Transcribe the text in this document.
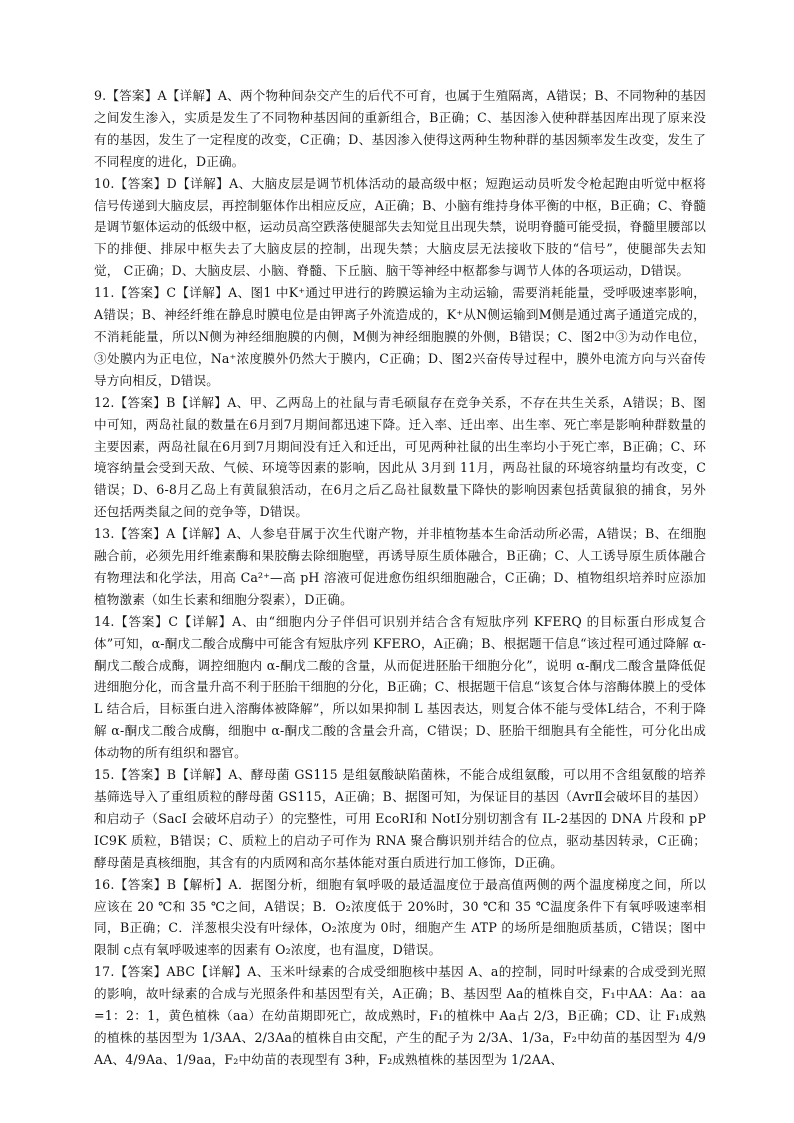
9.【答案】A【详解】A、两个物种间杂交产生的后代不可育，也属于生殖隔离，A错误；B、不同物种的基因之间发生渗入，实质是发生了不同物种基因间的重新组合，B正确；C、基因渗入使种群基因库出现了原来没有的基因，发生了一定程度的改变，C正确；D、基因渗入使得这两种生物种群的基因频率发生改变，发生了不同程度的进化，D正确。

10.【答案】D【详解】A、大脑皮层是调节机体活动的最高级中枢；短跑运动员听发令枪起跑由听觉中枢将信号传递到大脑皮层，再控制躯体作出相应反应，A正确；B、小脑有维持身体平衡的中枢，B正确；C、脊髓是调节躯体运动的低级中枢，运动员高空跌落使腿部失去知觉且出现失禁，说明脊髓可能受损，脊髓里腰部以下的排便、排尿中枢失去了大脑皮层的控制，出现失禁；大脑皮层无法接收下肢的“信号”，使腿部失去知觉， C正确；D、大脑皮层、小脑、脊髓、下丘脑、脑干等神经中枢都参与调节人体的各项运动，D错误。

11.【答案】C【详解】A、图1 中K⁺通过甲进行的跨膜运输为主动运输，需要消耗能量，受呼吸速率影响，A错误；B、神经纤维在静息时膜电位是由钾离子外流造成的，K⁺从N侧运输到M侧是通过离子通道完成的，不消耗能量，所以N侧为神经细胞膜的内侧，M侧为神经细胞膜的外侧，B错误；C、图2中③为动作电位，③处膜内为正电位，Na⁺浓度膜外仍然大于膜内，C正确；D、图2兴奋传导过程中，膜外电流方向与兴奋传导方向相反，D错误。

12.【答案】B【详解】A、甲、乙两岛上的社鼠与青毛硕鼠存在竞争关系，不存在共生关系，A错误；B、图中可知，两岛社鼠的数量在6月到7月期间都迅速下降。迁入率、迁出率、出生率、死亡率是影响种群数量的主要因素，两岛社鼠在6月到7月期间没有迁入和迁出，可见两种社鼠的出生率均小于死亡率，B正确；C、环境容纳量会受到天敌、气候、环境等因素的影响，因此从 3月到 11月，两岛社鼠的环境容纳量均有改变，C错误；D、6-8月乙岛上有黄鼠狼活动，在6月之后乙岛社鼠数量下降快的影响因素包括黄鼠狼的捕食，另外还包括两类鼠之间的竞争等，D错误。

13.【答案】A【详解】A、人参皂苷属于次生代谢产物，并非植物基本生命活动所必需，A错误；B、在细胞融合前，必须先用纤维素酶和果胶酶去除细胞壁，再诱导原生质体融合，B正确；C、人工诱导原生质体融合有物理法和化学法，用高 Ca²⁺—高 pH 溶液可促进愈伤组织细胞融合，C正确；D、植物组织培养时应添加植物激素（如生长素和细胞分裂素），D正确。

14.【答案】C【详解】A、由“细胞内分子伴侣可识别并结合含有短肽序列 KFERQ 的目标蛋白形成复合体”可知，α-酮戊二酸合成酶中可能含有短肽序列 KFERO，A正确；B、根据题干信息“该过程可通过降解 α-酮戊二酸合成酶，调控细胞内 α-酮戊二酸的含量，从而促进胚胎干细胞分化”，说明 α-酮戊二酸含量降低促进细胞分化，而含量升高不利于胚胎干细胞的分化，B正确；C、根据题干信息“该复合体与溶酶体膜上的受体 L 结合后，目标蛋白进入溶酶体被降解”，所以如果抑制 L 基因表达，则复合体不能与受体L结合，不利于降解 α-酮戊二酸合成酶，细胞中 α-酮戊二酸的含量会升高，C错误；D、胚胎干细胞具有全能性，可分化出成体动物的所有组织和器官。

15.【答案】B【详解】A、酵母菌 GS115 是组氨酸缺陷菌株，不能合成组氨酸，可以用不含组氨酸的培养基筛选导入了重组质粒的酵母菌 GS115，A正确；B、据图可知，为保证目的基因（AvrⅡ会破坏目的基因）和启动子（SacI 会破坏启动子）的完整性，可用 EcoRⅠ和 NotⅠ分别切割含有 IL-2基因的 DNA 片段和 pPIC9K 质粒，B错误；C、质粒上的启动子可作为 RNA 聚合酶识别并结合的位点，驱动基因转录，C正确；酵母菌是真核细胞，其含有的内质网和高尔基体能对蛋白质进行加工修饰，D正确。

16.【答案】B【解析】A．据图分析，细胞有氧呼吸的最适温度位于最高值两侧的两个温度梯度之间，所以应该在 20 ℃和 35 ℃之间，A错误；B．O₂浓度低于 20%时，30 ℃和 35 ℃温度条件下有氧呼吸速率相同，B正确；C．洋葱根尖没有叶绿体，O₂浓度为 0时，细胞产生 ATP 的场所是细胞质基质，C错误；图中限制 c点有氧呼吸速率的因素有 O₂浓度，也有温度，D错误。

17.【答案】ABC【详解】A、玉米叶绿素的合成受细胞核中基因 A、a的控制，同时叶绿素的合成受到光照的影响，故叶绿素的合成与光照条件和基因型有关，A正确；B、基因型 Aa的植株自交，F₁中AA：Aa：aa=1：2：1，黄色植株（aa）在幼苗期即死亡，故成熟时，F₁的植株中 Aa占 2/3，B正确；CD、让 F₁成熟的植株的基因型为 1/3AA、2/3Aa的植株自由交配，产生的配子为 2/3A、1/3a，F₂中幼苗的基因型为 4/9AA、4/9Aa、1/9aa，F₂中幼苗的表现型有 3种，F₂成熟植株的基因型为 1/2AA、
